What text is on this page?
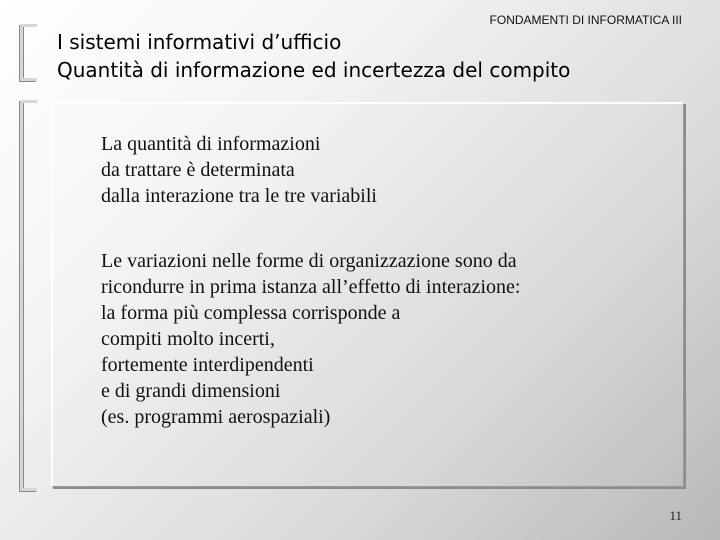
FONDAMENTI DI INFORMATICA III
I sistemi informativi d’ufficio
Quantità di informazione ed incertezza del compito
La quantità di informazioni
da trattare è determinata
dalla interazione tra le tre variabili
Le variazioni nelle forme di organizzazione sono da
ricondurre in prima istanza all’effetto di interazione:
la forma più complessa corrisponde a
compiti molto incerti,
fortemente interdipendenti
e di grandi dimensioni
(es. programmi aerospaziali)
11
